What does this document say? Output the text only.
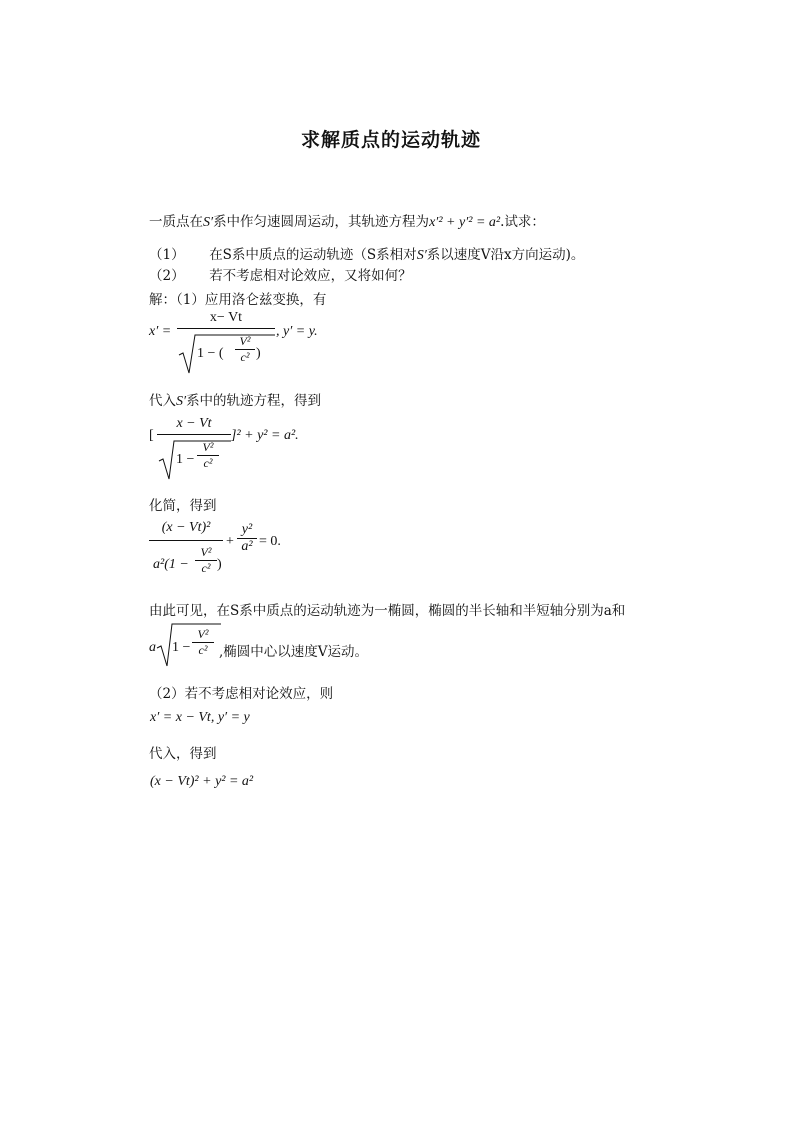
求解质点的运动轨迹
一质点在S′系中作匀速圆周运动，其轨迹方程为x′² + y′² = a².试求：
（1） 在S系中质点的运动轨迹（S系相对S′系以速度V沿x方向运动)。
（2） 若不考虑相对论效应，又将如何？
解：（1）应用洛仑兹变换，有
x′ =
x− Vt
1 − (
V²
c² )
, y′ = y.
代入S′系中的轨迹方程，得到
[
x − Vt
1 −
V²
c²
]² + y² = a².
化简，得到
(x − Vt)²
a²(1 −
V²
c² )
+
y²
a² = 0.
由此可见，在S系中质点的运动轨迹为一椭圆，椭圆的半长轴和半短轴分别为a和
a 1 −
V²
c² ,椭圆中心以速度V运动。
（2）若不考虑相对论效应，则
x′ = x − Vt, y′ = y
代入，得到
(x − Vt)² + y² = a²
